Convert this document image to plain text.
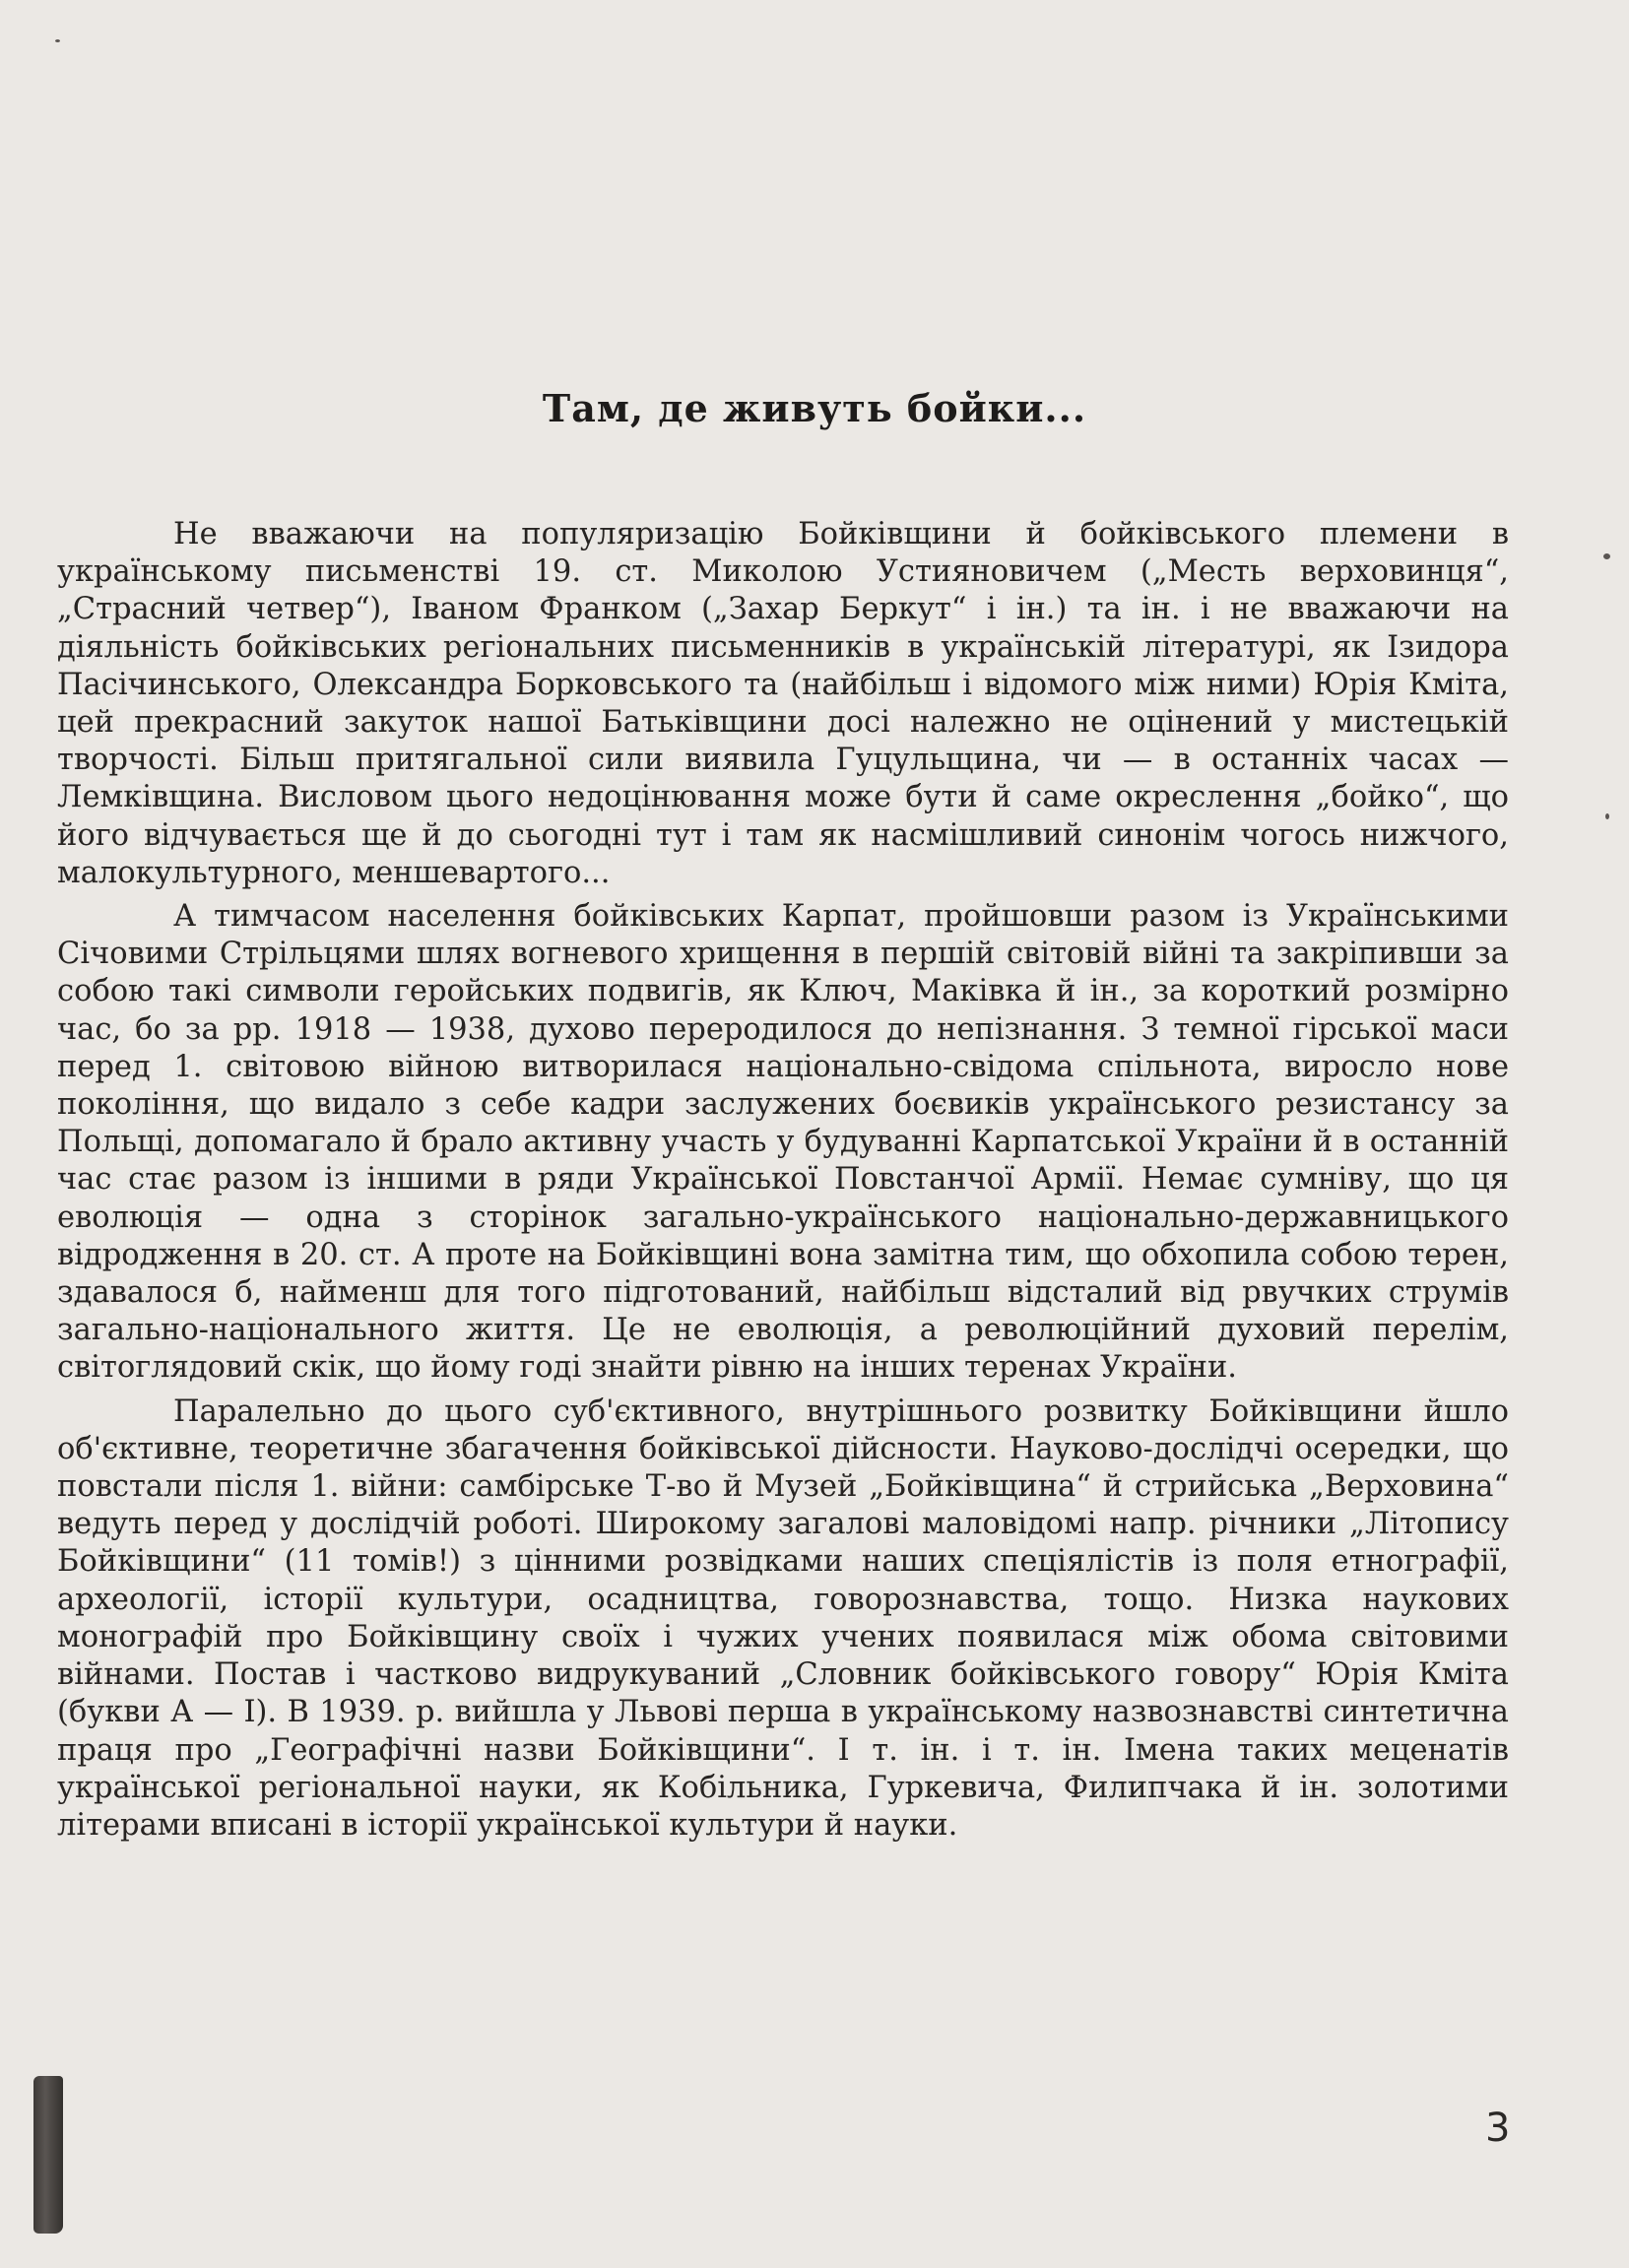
Там, де живуть бойки...

Не вважаючи на популяризацію Бойківщини й бойківського племени в українському письменстві 19. ст. Миколою Устияновичем („Месть верховинця“, „Страсний четвер“), Іваном Франком („Захар Беркут“ і ін.) та ін. і не вважаючи на діяльність бойківських регіональних письменників в українській літературі, як Ізидора Пасічинського, Олександра Борковського та (найбільш і відомого між ними) Юрія Кміта, цей прекрасний закуток нашої Батьківщини досі належно не оцінений у мистецькій творчості. Більш притягальної сили виявила Гуцульщина, чи — в останніх часах — Лемківщина. Висловом цього недоцінювання може бути й саме окреслення „бойко“, що його відчувається ще й до сьогодні тут і там як насмішливий синонім чогось нижчого, малокультурного, меншевартого...

А тимчасом населення бойківських Карпат, пройшовши разом із Українськими Січовими Стрільцями шлях вогневого хрищення в першій світовій війні та закріпивши за собою такі символи геройських подвигів, як Ключ, Маківка й ін., за короткий розмірно час, бо за рр. 1918 — 1938, духово переродилося до непізнання. З темної гірської маси перед 1. світовою війною витворилася національно-свідома спільнота, виросло нове покоління, що видало з себе кадри заслужених боєвиків українського резистансу за Польщі, допомагало й брало активну участь у будуванні Карпатської України й в останній час стає разом із іншими в ряди Української Повстанчої Армії. Немає сумніву, що ця еволюція — одна з сторінок загально-українського національно-державницького відродження в 20. ст. А проте на Бойківщині вона замітна тим, що обхопила собою терен, здавалося б, найменш для того підготований, найбільш відсталий від рвучких струмів загально-національного життя. Це не еволюція, а революційний духовий перелім, світоглядовий скік, що йому годі знайти рівню на інших теренах України.

Паралельно до цього суб'єктивного, внутрішнього розвитку Бойківщини йшло об'єктивне, теоретичне збагачення бойківської дійсности. Науково-дослідчі осередки, що повстали після 1. війни: самбірське Т-во й Музей „Бойківщина“ й стрийська „Верховина“ ведуть перед у дослідчій роботі. Широкому загалові маловідомі напр. річники „Літопису Бойківщини“ (11 томів!) з цінними розвідками наших спеціялістів із поля етнографії, археології, історії культури, осадництва, говорознавства, тощо. Низка наукових монографій про Бойківщину своїх і чужих учених появилася між обома світовими війнами. Постав і частково видрукуваний „Словник бойківського говору“ Юрія Кміта (букви А — І). В 1939. р. вийшла у Львові перша в українському назвознавстві синтетична праця про „Географічні назви Бойківщини“. І т. ін. і т. ін. Імена таких меценатів української регіональної науки, як Кобільника, Гуркевича, Филипчака й ін. золотими літерами вписані в історії української культури й науки.

3
